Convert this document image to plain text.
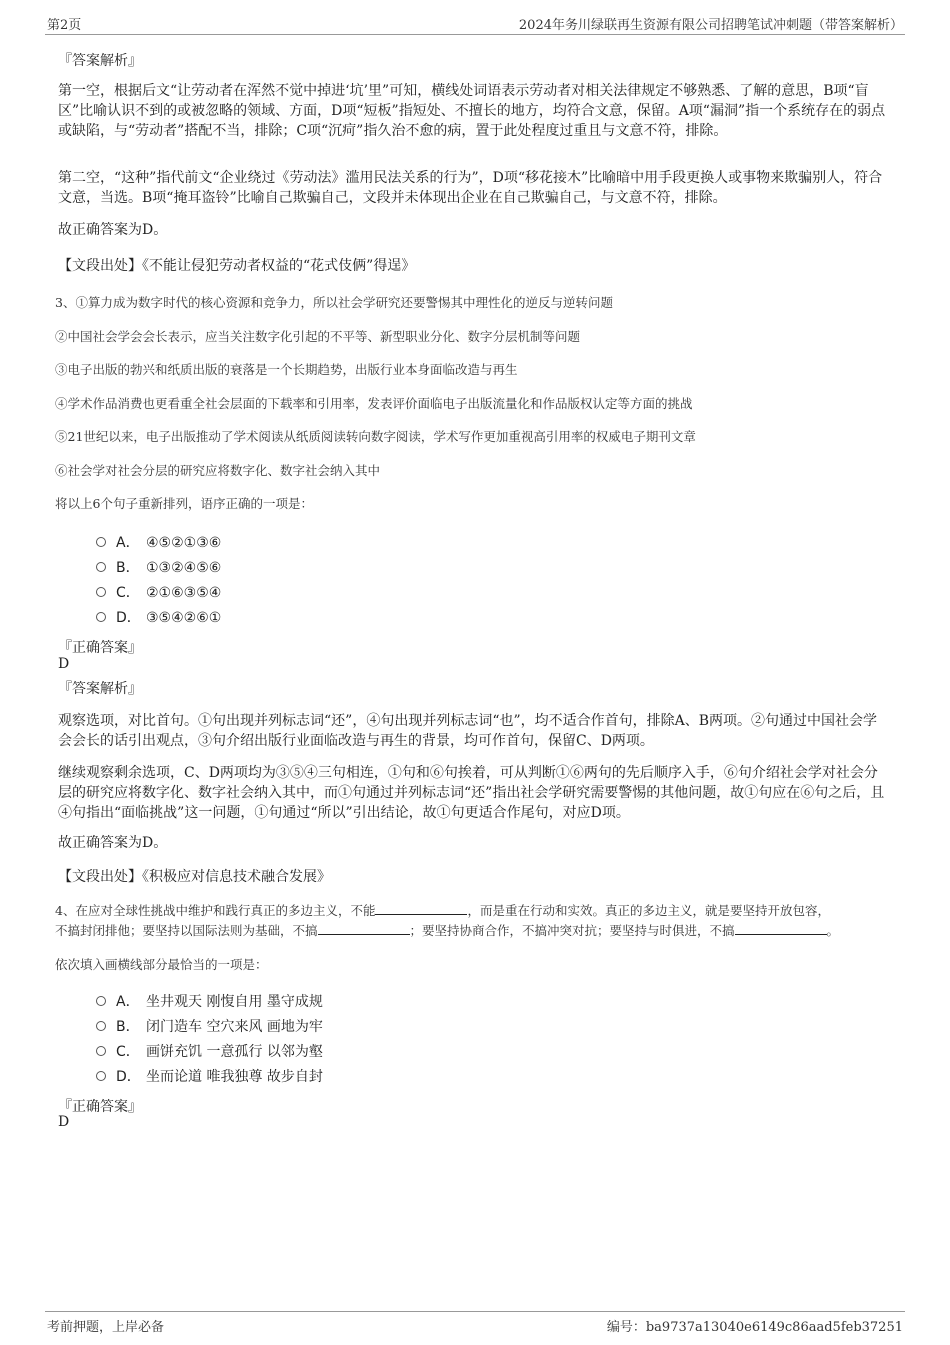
第2页	2024年务川绿联再生资源有限公司招聘笔试冲刺题（带答案解析）
『答案解析』
第一空，根据后文“让劳动者在浑然不觉中掉进‘坑’里”可知，横线处词语表示劳动者对相关法律规定不够熟悉、了解的意思，B项“盲区”比喻认识不到的或被忽略的领域、方面，D项“短板”指短处、不擅长的地方，均符合文意，保留。A项“漏洞”指一个系统存在的弱点或缺陷，与“劳动者”搭配不当，排除；C项“沉疴”指久治不愈的病，置于此处程度过重且与文意不符，排除。
第二空，“这种”指代前文“企业绕过《劳动法》滥用民法关系的行为”，D项“移花接木”比喻暗中用手段更换人或事物来欺骗别人，符合文意，当选。B项“掩耳盗铃”比喻自己欺骗自己，文段并未体现出企业在自己欺骗自己，与文意不符，排除。
故正确答案为D。
【文段出处】《不能让侵犯劳动者权益的“花式伎俩”得逞》
3、①算力成为数字时代的核心资源和竞争力，所以社会学研究还要警惕其中理性化的逆反与逆转问题
②中国社会学会会长表示，应当关注数字化引起的不平等、新型职业分化、数字分层机制等问题
③电子出版的勃兴和纸质出版的衰落是一个长期趋势，出版行业本身面临改造与再生
④学术作品消费也更看重全社会层面的下载率和引用率，发表评价面临电子出版流量化和作品版权认定等方面的挑战
⑤21世纪以来，电子出版推动了学术阅读从纸质阅读转向数字阅读，学术写作更加重视高引用率的权威电子期刊文章
⑥社会学对社会分层的研究应将数字化、数字社会纳入其中
将以上6个句子重新排列，语序正确的一项是：
A． ④⑤②①③⑥
B． ①③②④⑤⑥
C． ②①⑥③⑤④
D． ③⑤④②⑥①
『正确答案』
D
『答案解析』
观察选项，对比首句。①句出现并列标志词“还”，④句出现并列标志词“也”，均不适合作首句，排除A、B两项。②句通过中国社会学会会长的话引出观点，③句介绍出版行业面临改造与再生的背景，均可作首句，保留C、D两项。
继续观察剩余选项，C、D两项均为③⑤④三句相连，①句和⑥句挨着，可从判断①⑥两句的先后顺序入手，⑥句介绍社会学对社会分层的研究应将数字化、数字社会纳入其中，而①句通过并列标志词“还”指出社会学研究需要警惕的其他问题，故①句应在⑥句之后，且④句指出“面临挑战”这一问题，①句通过“所以”引出结论，故①句更适合作尾句，对应D项。
故正确答案为D。
【文段出处】《积极应对信息技术融合发展》
4、在应对全球性挑战中维护和践行真正的多边主义，不能	，而是重在行动和实效。真正的多边主义，就是要坚持开放包容，
不搞封闭排他；要坚持以国际法则为基础，不搞	；要坚持协商合作，不搞冲突对抗；要坚持与时俱进，不搞	。
依次填入画横线部分最恰当的一项是：
A． 坐井观天 刚愎自用 墨守成规
B． 闭门造车 空穴来风 画地为牢
C． 画饼充饥 一意孤行 以邻为壑
D． 坐而论道 唯我独尊 故步自封
『正确答案』
D
考前押题，上岸必备	编号：ba9737a13040e6149c86aad5feb37251
